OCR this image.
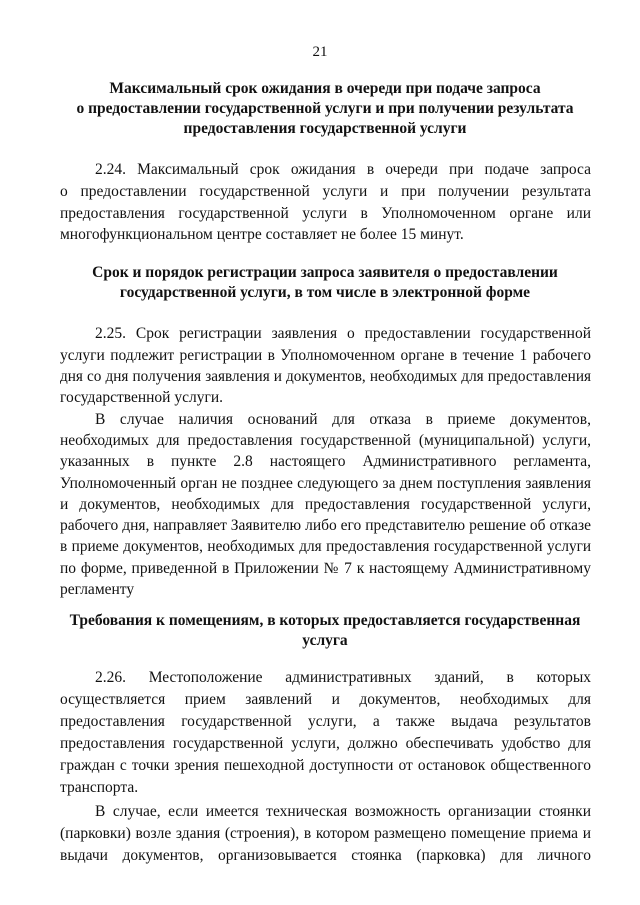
21
Максимальный срок ожидания в очереди при подаче запроса
о предоставлении государственной услуги и при получении результата
предоставления государственной услуги
2.24. Максимальный срок ожидания в очереди при подаче запроса
о предоставлении государственной услуги и при получении результата
предоставления государственной услуги в Уполномоченном органе или
многофункциональном центре составляет не более 15 минут.
Срок и порядок регистрации запроса заявителя о предоставлении
государственной услуги, в том числе в электронной форме
2.25. Срок регистрации заявления о предоставлении государственной
услуги подлежит регистрации в Уполномоченном органе в течение 1 рабочего
дня со дня получения заявления и документов, необходимых для предоставления
государственной услуги.
В случае наличия оснований для отказа в приеме документов,
необходимых для предоставления государственной (муниципальной) услуги,
указанных в пункте 2.8 настоящего Административного регламента,
Уполномоченный орган не позднее следующего за днем поступления заявления
и документов, необходимых для предоставления государственной услуги,
рабочего дня, направляет Заявителю либо его представителю решение об отказе
в приеме документов, необходимых для предоставления государственной услуги
по форме, приведенной в Приложении № 7 к настоящему Административному
регламенту
Требования к помещениям, в которых предоставляется государственная
услуга
2.26. Местоположение административных зданий, в которых
осуществляется прием заявлений и документов, необходимых для
предоставления государственной услуги, а также выдача результатов
предоставления государственной услуги, должно обеспечивать удобство для
граждан с точки зрения пешеходной доступности от остановок общественного
транспорта.
В случае, если имеется техническая возможность организации стоянки
(парковки) возле здания (строения), в котором размещено помещение приема и
выдачи документов, организовывается стоянка (парковка) для личного
